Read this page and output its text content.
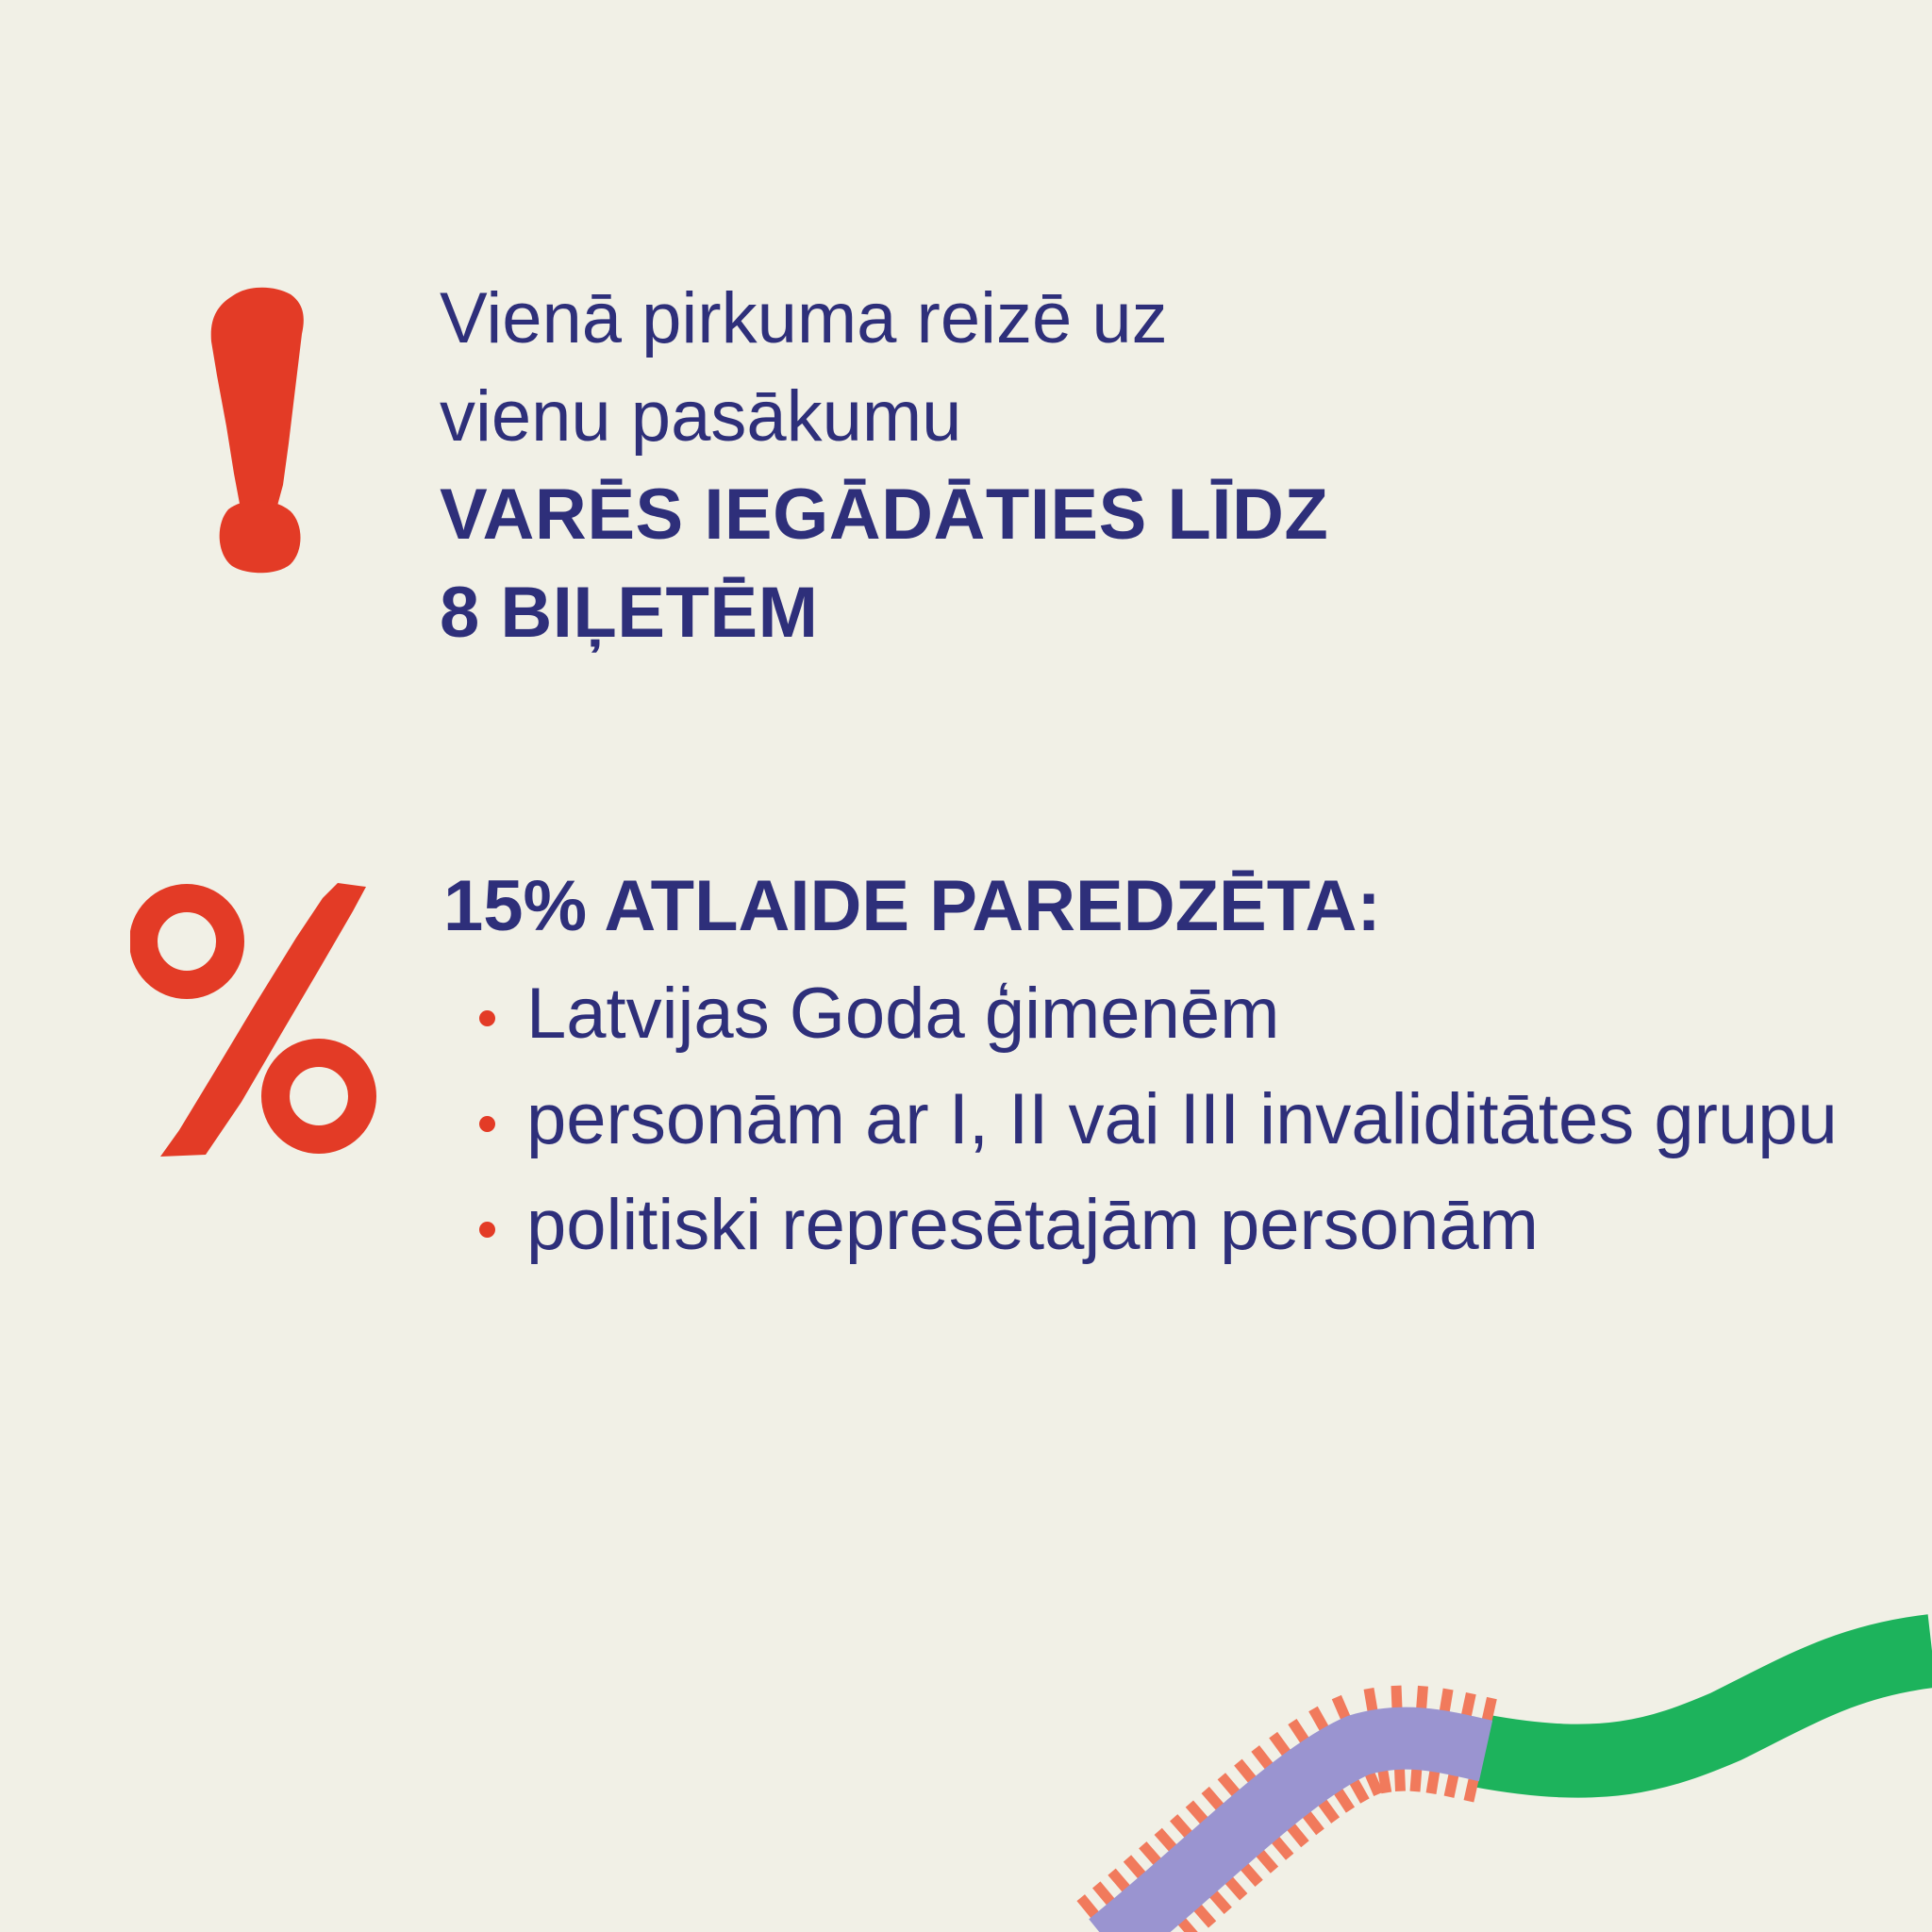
Vienā pirkuma reizē uz
vienu pasākumu
VARĒS IEGĀDĀTIES LĪDZ
8 BIĻETĒM
15% ATLAIDE PAREDZĒTA:
Latvijas Goda ģimenēm
personām ar I, II vai III invaliditātes grupu
politiski represētajām personām
